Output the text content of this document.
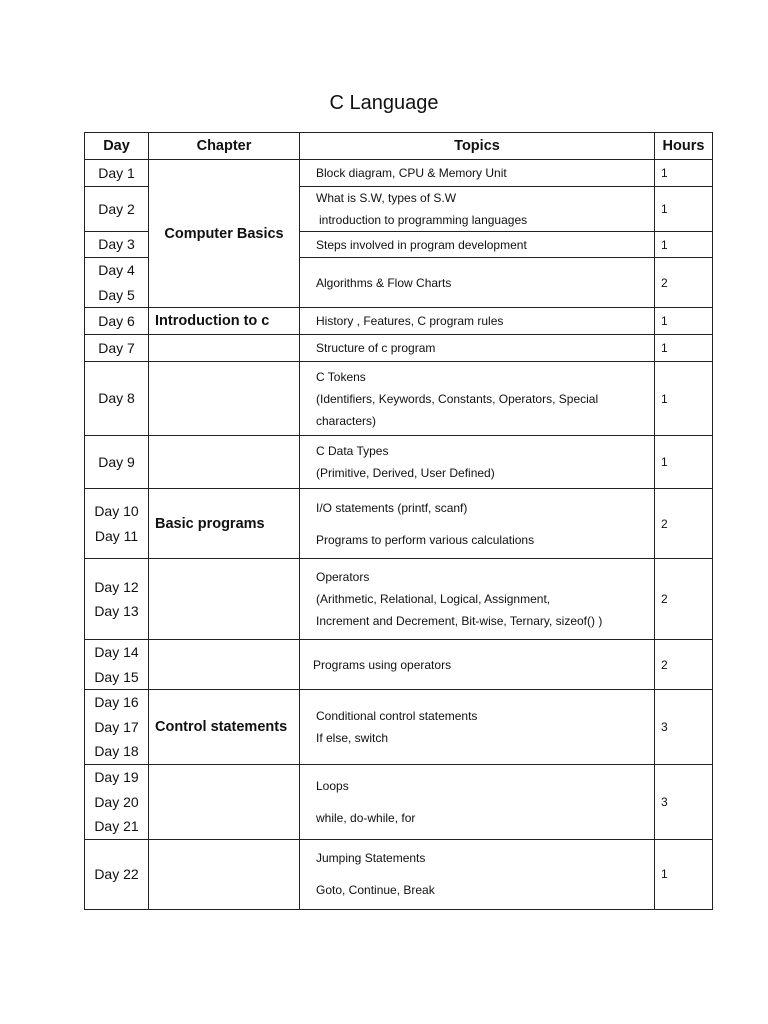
C Language
Day	Chapter	Topics	Hours

Day 1	Computer Basics	Block diagram, CPU & Memory Unit	1

Day 2		What is S.W, types of S.W
introduction to programming languages	1

Day 3		Steps involved in program development	1

Day 4
Day 5		Algorithms & Flow Charts	2

Day 6	Introduction to c	History , Features, C program rules	1

Day 7		Structure of c program	1

Day 8		C Tokens
(Identifiers, Keywords, Constants, Operators, Special
characters)	1

Day 9		C Data Types
(Primitive, Derived, User Defined)	1

Day 10
Day 11	Basic programs	I/O statements (printf, scanf)
Programs to perform various calculations	2

Day 12
Day 13		Operators
(Arithmetic, Relational, Logical, Assignment,
Increment and Decrement, Bit-wise, Ternary, sizeof() )	2

Day 14
Day 15		Programs using operators	2

Day 16
Day 17
Day 18	Control statements	Conditional control statements
If else, switch	3

Day 19
Day 20
Day 21		Loops
while, do-while, for	3

Day 22		Jumping Statements
Goto, Continue, Break	1
